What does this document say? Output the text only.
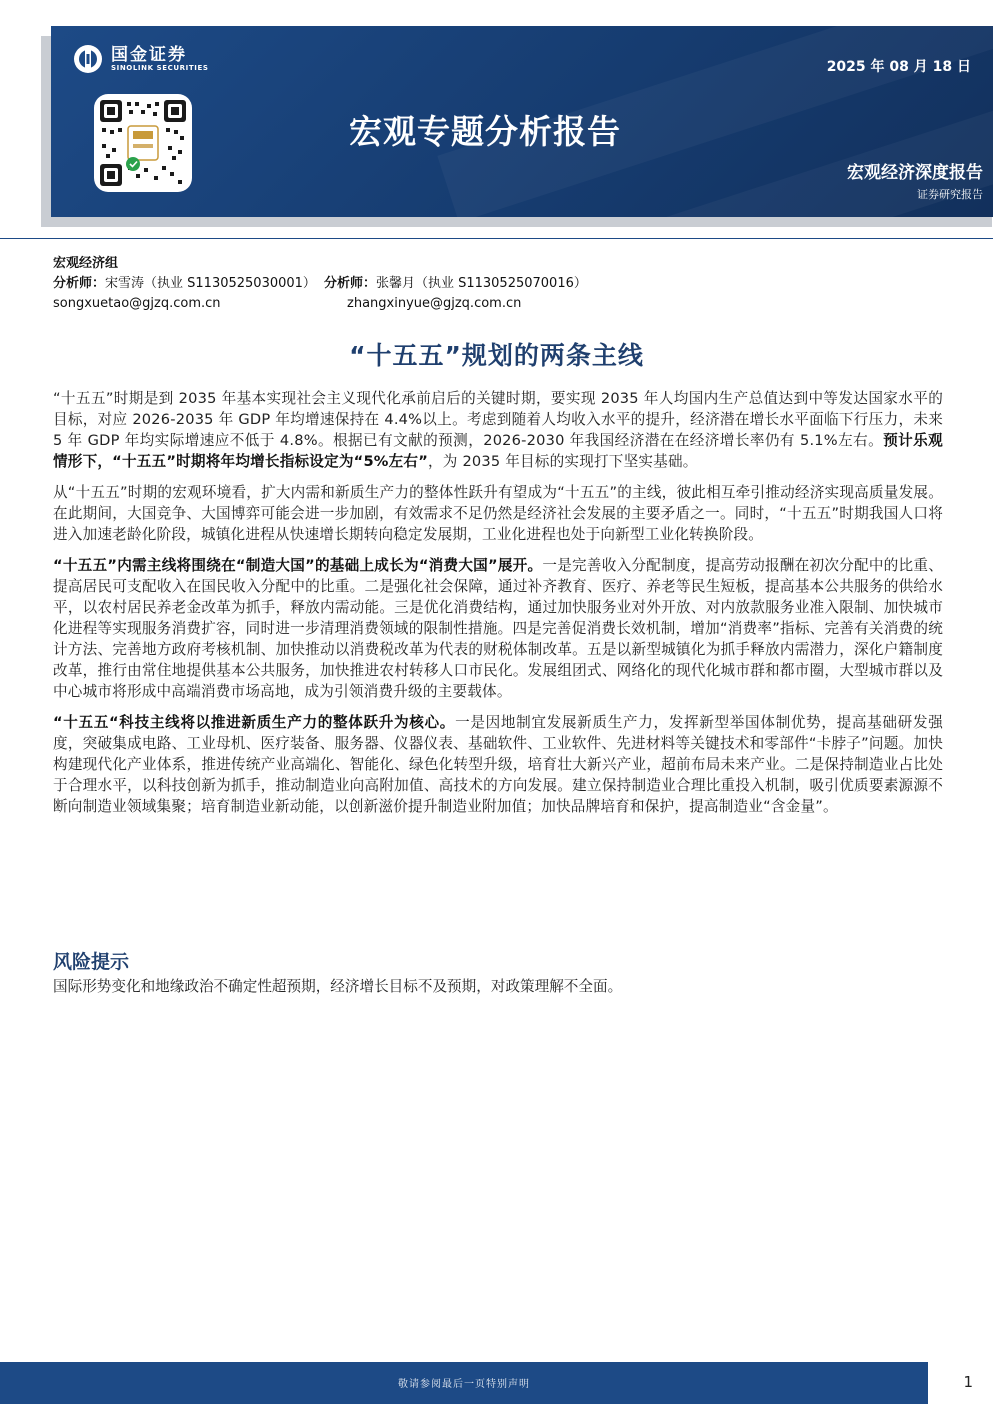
国金证券
SINOLINK SECURITIES	2025 年 08 月 18 日
宏观专题分析报告
宏观经济深度报告
证券研究报告
宏观经济组
分析师：宋雪涛（执业 S1130525030001） 分析师：张馨月（执业 S1130525070016）
songxuetao@gjzq.com.cn	zhangxinyue@gjzq.com.cn
“十五五”规划的两条主线

“十五五”时期是到 2035 年基本实现社会主义现代化承前启后的关键时期，要实现 2035 年人均国内生产总值达到中等发达国家水平的目标，对应 2026-2035 年 GDP 年均增速保持在 4.4%以上。考虑到随着人均收入水平的提升，经济潜在增长水平面临下行压力，未来 5 年 GDP 年均实际增速应不低于 4.8%。根据已有文献的预测，2026-2030 年我国经济潜在在经济增长率仍有 5.1%左右。预计乐观情形下，“十五五”时期将年均增长指标设定为“5%左右”，为 2035 年目标的实现打下坚实基础。

从“十五五”时期的宏观环境看，扩大内需和新质生产力的整体性跃升有望成为“十五五”的主线，彼此相互牵引推动经济实现高质量发展。在此期间，大国竞争、大国博弈可能会进一步加剧，有效需求不足仍然是经济社会发展的主要矛盾之一。同时，“十五五”时期我国人口将进入加速老龄化阶段，城镇化进程从快速增长期转向稳定发展期，工业化进程也处于向新型工业化转换阶段。

“十五五”内需主线将围绕在“制造大国”的基础上成长为“消费大国”展开。一是完善收入分配制度，提高劳动报酬在初次分配中的比重、提高居民可支配收入在国民收入分配中的比重。二是强化社会保障，通过补齐教育、医疗、养老等民生短板，提高基本公共服务的供给水平，以农村居民养老金改革为抓手，释放内需动能。三是优化消费结构，通过加快服务业对外开放、对内放款服务业准入限制、加快城市化进程等实现服务消费扩容，同时进一步清理消费领域的限制性措施。四是完善促消费长效机制，增加“消费率”指标、完善有关消费的统计方法、完善地方政府考核机制、加快推动以消费税改革为代表的财税体制改革。五是以新型城镇化为抓手释放内需潜力，深化户籍制度改革，推行由常住地提供基本公共服务，加快推进农村转移人口市民化。发展组团式、网络化的现代化城市群和都市圈，大型城市群以及中心城市将形成中高端消费市场高地，成为引领消费升级的主要载体。

“十五五“科技主线将以推进新质生产力的整体跃升为核心。一是因地制宜发展新质生产力，发挥新型举国体制优势，提高基础研发强度，突破集成电路、工业母机、医疗装备、服务器、仪器仪表、基础软件、工业软件、先进材料等关键技术和零部件“卡脖子”问题。加快构建现代化产业体系，推进传统产业高端化、智能化、绿色化转型升级，培育壮大新兴产业，超前布局未来产业。二是保持制造业占比处于合理水平，以科技创新为抓手，推动制造业向高附加值、高技术的方向发展。建立保持制造业合理比重投入机制，吸引优质要素源源不断向制造业领域集聚；培育制造业新动能，以创新滋价提升制造业附加值；加快品牌培育和保护，提高制造业“含金量”。

风险提示
国际形势变化和地缘政治不确定性超预期，经济增长目标不及预期，对政策理解不全面。
敬请参阅最后一页特别声明	1
